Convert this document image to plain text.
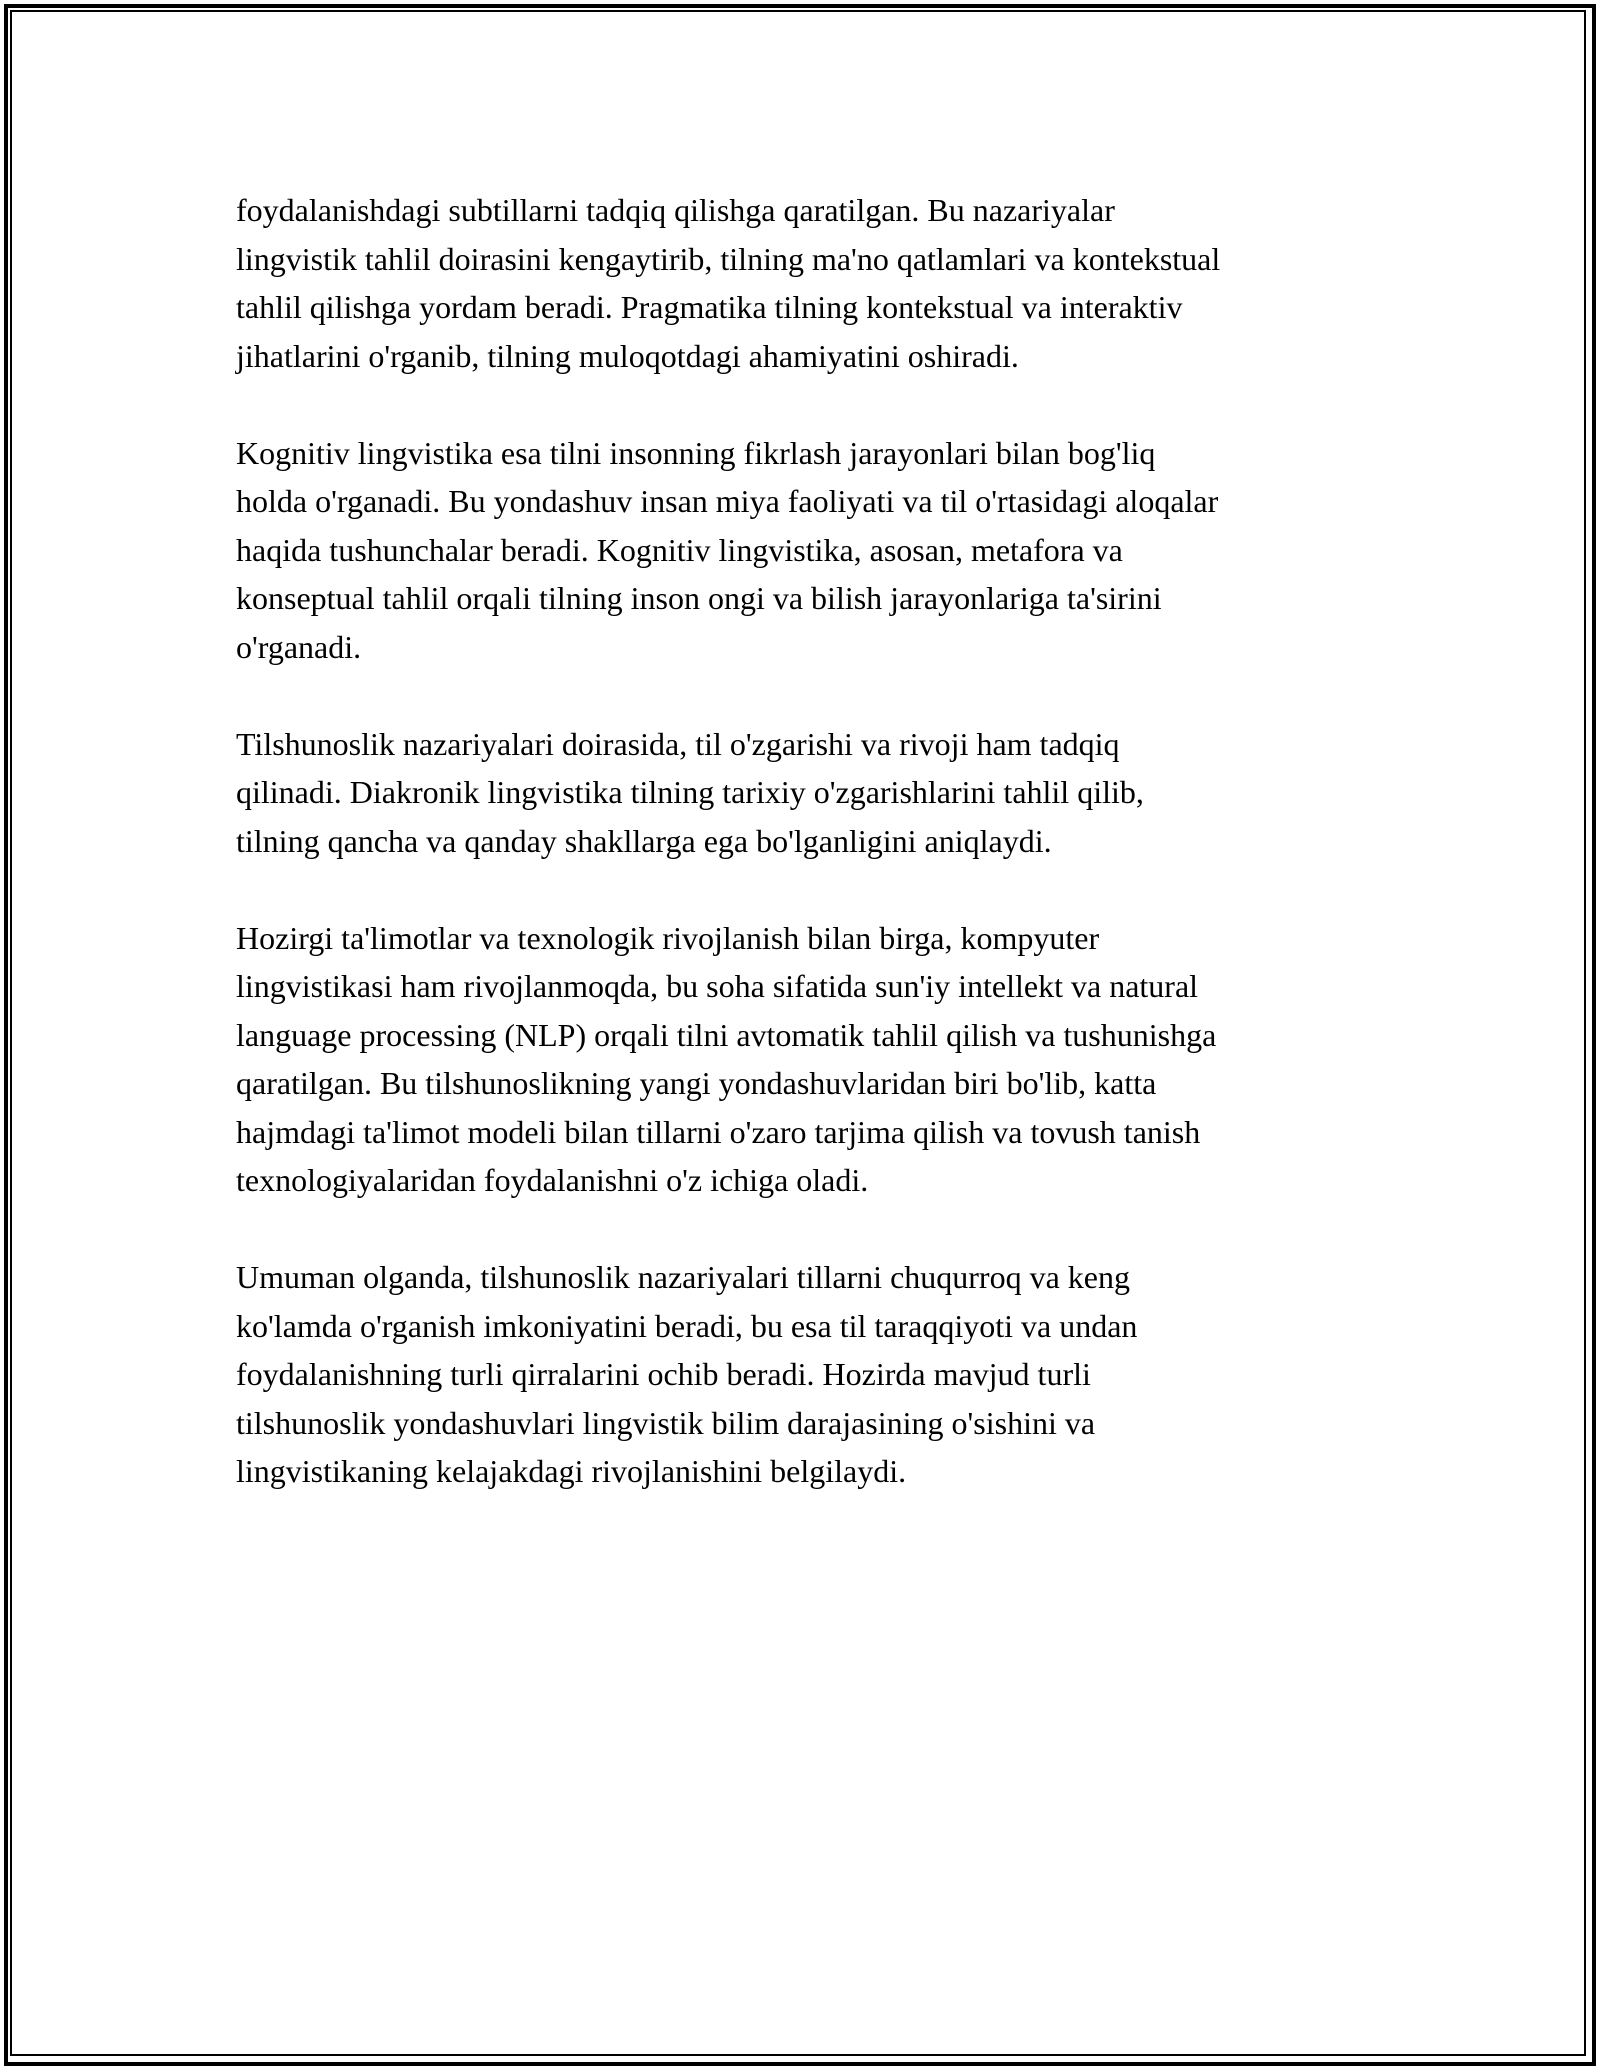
foydalanishdagi subtillarni tadqiq qilishga qaratilgan. Bu nazariyalar
lingvistik tahlil doirasini kengaytirib, tilning ma'no qatlamlari va kontekstual
tahlil qilishga yordam beradi. Pragmatika tilning kontekstual va interaktiv
jihatlarini o'rganib, tilning muloqotdagi ahamiyatini oshiradi.

Kognitiv lingvistika esa tilni insonning fikrlash jarayonlari bilan bog'liq
holda o'rganadi. Bu yondashuv insan miya faoliyati va til o'rtasidagi aloqalar
haqida tushunchalar beradi. Kognitiv lingvistika, asosan, metafora va
konseptual tahlil orqali tilning inson ongi va bilish jarayonlariga ta'sirini
o'rganadi.

Tilshunoslik nazariyalari doirasida, til o'zgarishi va rivoji ham tadqiq
qilinadi. Diakronik lingvistika tilning tarixiy o'zgarishlarini tahlil qilib,
tilning qancha va qanday shakllarga ega bo'lganligini aniqlaydi.

Hozirgi ta'limotlar va texnologik rivojlanish bilan birga, kompyuter
lingvistikasi ham rivojlanmoqda, bu soha sifatida sun'iy intellekt va natural
language processing (NLP) orqali tilni avtomatik tahlil qilish va tushunishga
qaratilgan. Bu tilshunoslikning yangi yondashuvlaridan biri bo'lib, katta
hajmdagi ta'limot modeli bilan tillarni o'zaro tarjima qilish va tovush tanish
texnologiyalaridan foydalanishni o'z ichiga oladi.

Umuman olganda, tilshunoslik nazariyalari tillarni chuqurroq va keng
ko'lamda o'rganish imkoniyatini beradi, bu esa til taraqqiyoti va undan
foydalanishning turli qirralarini ochib beradi. Hozirda mavjud turli
tilshunoslik yondashuvlari lingvistik bilim darajasining o'sishini va
lingvistikaning kelajakdagi rivojlanishini belgilaydi.
